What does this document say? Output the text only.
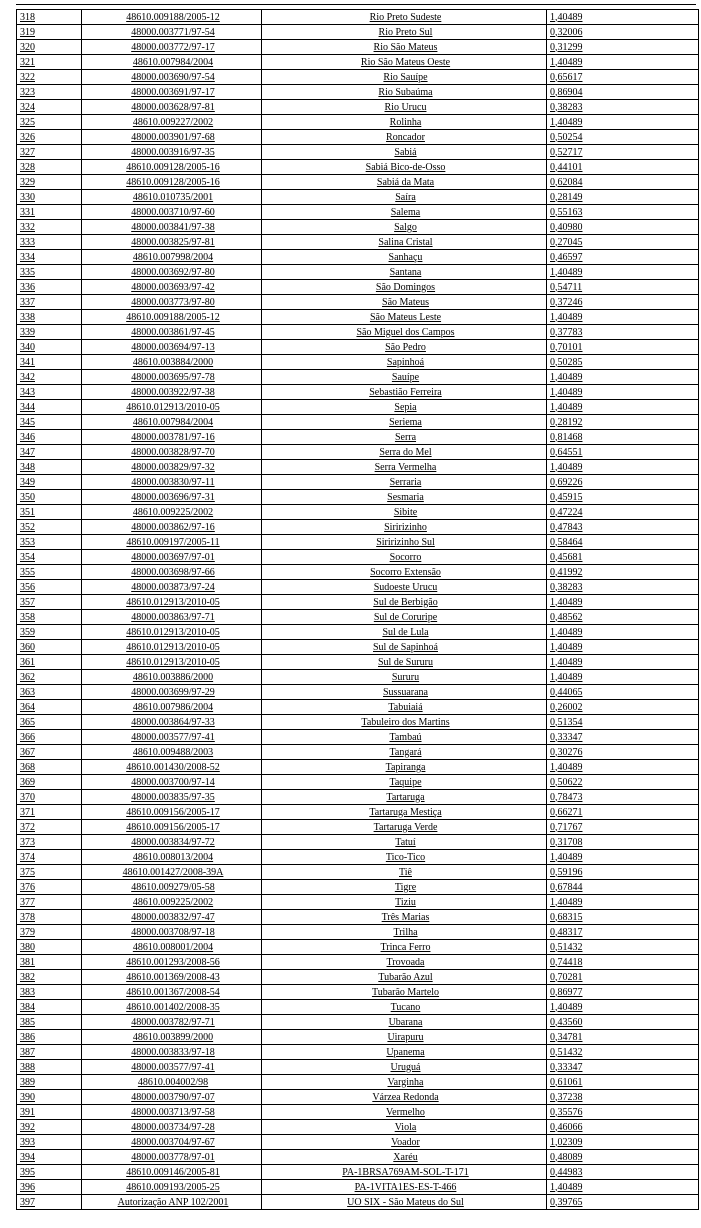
318	48610.009188/2005-12	Rio Preto Sudeste	1,40489
319	48000.003771/97-54	Rio Preto Sul	0,32006
320	48000.003772/97-17	Rio São Mateus	0,31299
321	48610.007984/2004	Rio São Mateus Oeste	1,40489
322	48000.003690/97-54	Rio Sauípe	0,65617
323	48000.003691/97-17	Rio Subaúma	0,86904
324	48000.003628/97-81	Rio Urucu	0,38283
325	48610.009227/2002	Rolinha	1,40489
326	48000.003901/97-68	Roncador	0,50254
327	48000.003916/97-35	Sabiá	0,52717
328	48610.009128/2005-16	Sabiá Bico-de-Osso	0,44101
329	48610.009128/2005-16	Sabiá da Mata	0,62084
330	48610.010735/2001	Saíra	0,28149
331	48000.003710/97-60	Salema	0,55163
332	48000.003841/97-38	Salgo	0,40980
333	48000.003825/97-81	Salina Cristal	0,27045
334	48610.007998/2004	Sanhaçu	0,46597
335	48000.003692/97-80	Santana	1,40489
336	48000.003693/97-42	São Domingos	0,54711
337	48000.003773/97-80	São Mateus	0,37246
338	48610.009188/2005-12	São Mateus Leste	1,40489
339	48000.003861/97-45	São Miguel dos Campos	0,37783
340	48000.003694/97-13	São Pedro	0,70101
341	48610.003884/2000	Sapinhoá	0,50285
342	48000.003695/97-78	Sauípe	1,40489
343	48000.003922/97-38	Sebastião Ferreira	1,40489
344	48610.012913/2010-05	Sepia	1,40489
345	48610.007984/2004	Seriema	0,28192
346	48000.003781/97-16	Serra	0,81468
347	48000.003828/97-70	Serra do Mel	0,64551
348	48000.003829/97-32	Serra Vermelha	1,40489
349	48000.003830/97-11	Serraria	0,69226
350	48000.003696/97-31	Sesmaria	0,45915
351	48610.009225/2002	Sibite	0,47224
352	48000.003862/97-16	Siririzinho	0,47843
353	48610.009197/2005-11	Siririzinho Sul	0,58464
354	48000.003697/97-01	Socorro	0,45681
355	48000.003698/97-66	Socorro Extensão	0,41992
356	48000.003873/97-24	Sudoeste Urucu	0,38283
357	48610.012913/2010-05	Sul de Berbigão	1,40489
358	48000.003863/97-71	Sul de Coruripe	0,48562
359	48610.012913/2010-05	Sul de Lula	1,40489
360	48610.012913/2010-05	Sul de Sapinhoá	1,40489
361	48610.012913/2010-05	Sul de Sururu	1,40489
362	48610.003886/2000	Sururu	1,40489
363	48000.003699/97-29	Sussuarana	0,44065
364	48610.007986/2004	Tabuiaiá	0,26002
365	48000.003864/97-33	Tabuleiro dos Martins	0,51354
366	48000.003577/97-41	Tambaú	0,33347
367	48610.009488/2003	Tangará	0,30276
368	48610.001430/2008-52	Tapiranga	1,40489
369	48000.003700/97-14	Taquipe	0,50622
370	48000.003835/97-35	Tartaruga	0,78473
371	48610.009156/2005-17	Tartaruga Mestiça	0,66271
372	48610.009156/2005-17	Tartaruga Verde	0,71767
373	48000.003834/97-72	Tatuí	0,31708
374	48610.008013/2004	Tico-Tico	1,40489
375	48610.001427/2008-39A	Tiê	0,59196
376	48610.009279/05-58	Tigre	0,67844
377	48610.009225/2002	Tiziu	1,40489
378	48000.003832/97-47	Três Marias	0,68315
379	48000.003708/97-18	Trilha	0,48317
380	48610.008001/2004	Trinca Ferro	0,51432
381	48610.001293/2008-56	Trovoada	0,74418
382	48610.001369/2008-43	Tubarão Azul	0,70281
383	48610.001367/2008-54	Tubarão Martelo	0,86977
384	48610.001402/2008-35	Tucano	1,40489
385	48000.003782/97-71	Ubarana	0,43560
386	48610.003899/2000	Uirapuru	0,34781
387	48000.003833/97-18	Upanema	0,51432
388	48000.003577/97-41	Uruguá	0,33347
389	48610.004002/98	Varginha	0,61061
390	48000.003790/97-07	Várzea Redonda	0,37238
391	48000.003713/97-58	Vermelho	0,35576
392	48000.003734/97-28	Viola	0,46066
393	48000.003704/97-67	Voador	1,02309
394	48000.003778/97-01	Xaréu	0,48089
395	48610.009146/2005-81	PA-1BRSA769AM-SOL-T-171	0,44983
396	48610.009193/2005-25	PA-1VITA1ES-ES-T-466	1,40489
397	Autorização ANP 102/2001	UO SIX - São Mateus do Sul	0,39765
